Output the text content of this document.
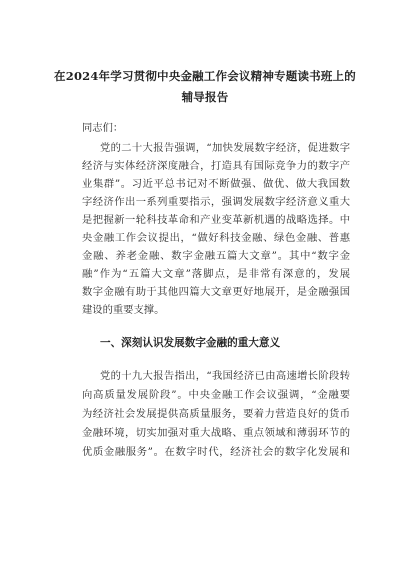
在2024年学习贯彻中央金融工作会议精神专题读书班上的
辅导报告
同志们：
党的二十大报告强调，“加快发展数字经济，促进数字
经济与实体经济深度融合，打造具有国际竞争力的数字产
业集群”。习近平总书记对不断做强、做优、做大我国数
字经济作出一系列重要指示，强调发展数字经济意义重大
是把握新一轮科技革命和产业变革新机遇的战略选择。中
央金融工作会议提出，“做好科技金融、绿色金融、普惠
金融、养老金融、数字金融五篇大文章”。其中“数字金
融”作为“五篇大文章”落脚点，是非常有深意的，发展
数字金融有助于其他四篇大文章更好地展开，是金融强国
建设的重要支撑。
一、深刻认识发展数字金融的重大意义
党的十九大报告指出，“我国经济已由高速增长阶段转
向高质量发展阶段”。中央金融工作会议强调，“金融要
为经济社会发展提供高质量服务，要着力营造良好的货币
金融环境，切实加强对重大战略、重点领域和薄弱环节的
优质金融服务”。在数字时代，经济社会的数字化发展和
